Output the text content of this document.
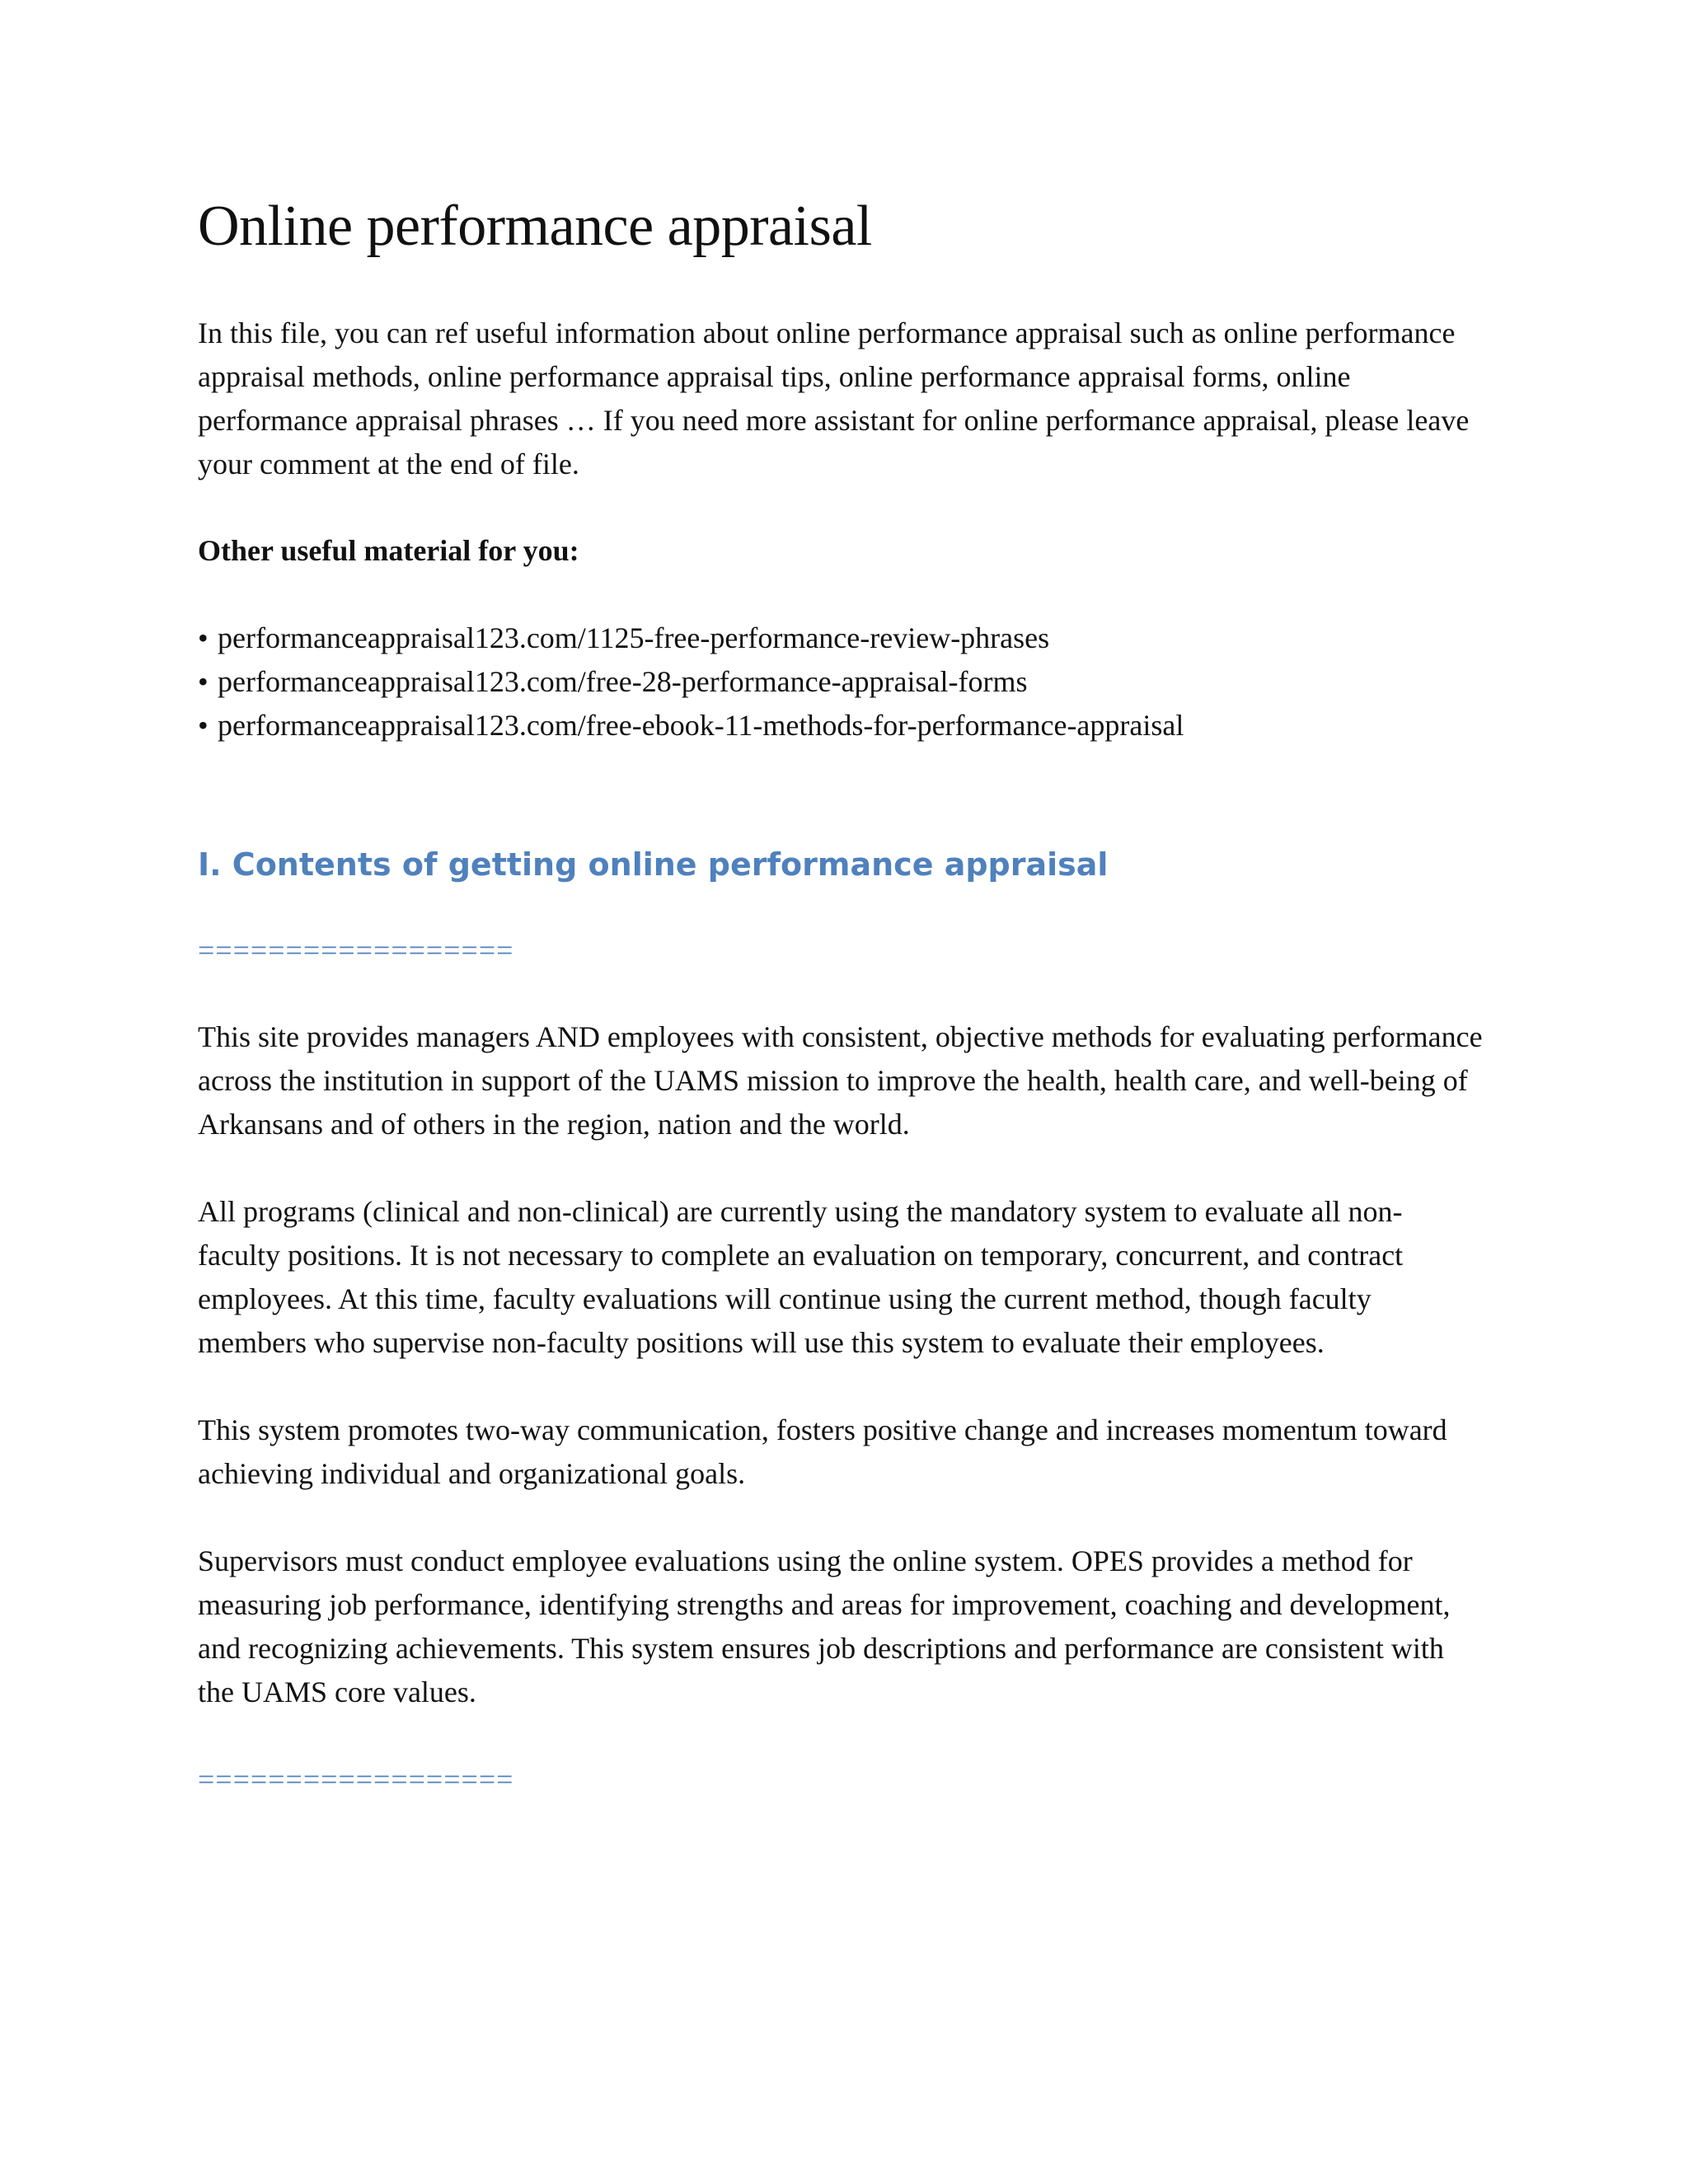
Online performance appraisal

In this file, you can ref useful information about online performance appraisal such as online performance appraisal methods, online performance appraisal tips, online performance appraisal forms, online performance appraisal phrases … If you need more assistant for online performance appraisal, please leave your comment at the end of file.

Other useful material for you:

• performanceappraisal123.com/1125-free-performance-review-phrases
• performanceappraisal123.com/free-28-performance-appraisal-forms
• performanceappraisal123.com/free-ebook-11-methods-for-performance-appraisal
I. Contents of getting online performance appraisal
==================

This site provides managers AND employees with consistent, objective methods for evaluating performance across the institution in support of the UAMS mission to improve the health, health care, and well-being of Arkansans and of others in the region, nation and the world.

All programs (clinical and non-clinical) are currently using the mandatory system to evaluate all non-faculty positions. It is not necessary to complete an evaluation on temporary, concurrent, and contract employees. At this time, faculty evaluations will continue using the current method, though faculty members who supervise non-faculty positions will use this system to evaluate their employees.

This system promotes two-way communication, fosters positive change and increases momentum toward achieving individual and organizational goals.

Supervisors must conduct employee evaluations using the online system. OPES provides a method for measuring job performance, identifying strengths and areas for improvement, coaching and development, and recognizing achievements. This system ensures job descriptions and performance are consistent with the UAMS core values.

==================
